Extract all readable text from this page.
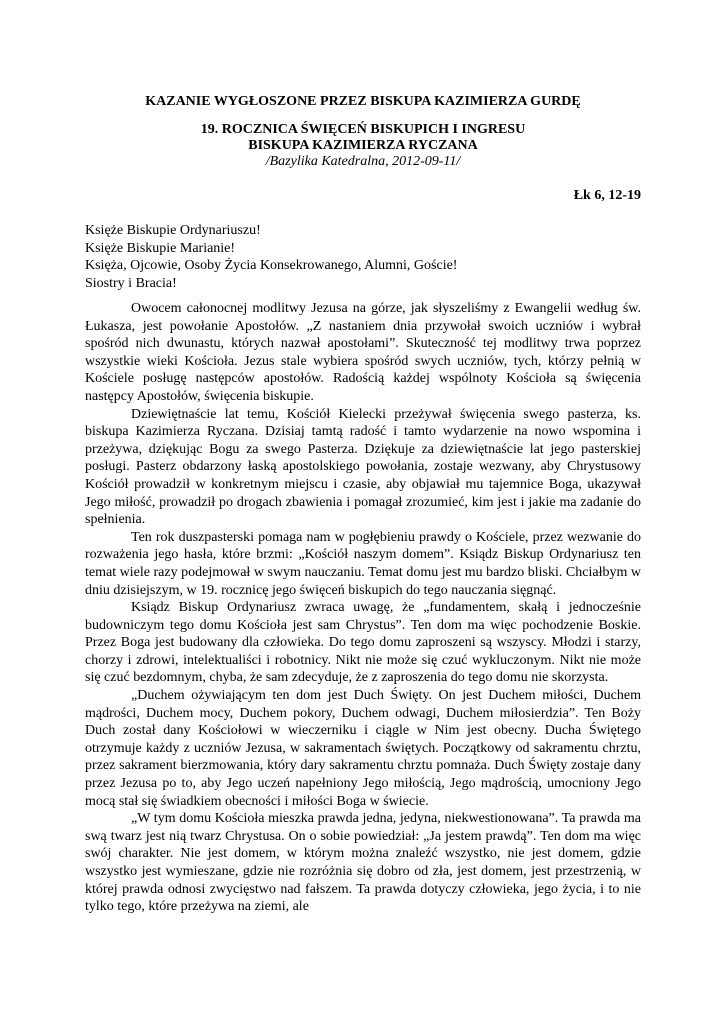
KAZANIE WYGŁOSZONE PRZEZ BISKUPA KAZIMIERZA GURDĘ
19. ROCZNICA ŚWIĘCEŃ BISKUPICH I INGRESU
BISKUPA KAZIMIERZA RYCZANA
/Bazylika Katedralna, 2012-09-11/
Łk 6, 12-19
Księże Biskupie Ordynariuszu!
Księże Biskupie Marianie!
Księża, Ojcowie, Osoby Życia Konsekrowanego, Alumni, Goście!
Siostry i Bracia!

Owocem całonocnej modlitwy Jezusa na górze, jak słyszeliśmy z Ewangelii według św. Łukasza, jest powołanie Apostołów. „Z nastaniem dnia przywołał swoich uczniów i wybrał spośród nich dwunastu, których nazwał apostołami”. Skuteczność tej modlitwy trwa poprzez wszystkie wieki Kościoła. Jezus stale wybiera spośród swych uczniów, tych, którzy pełnią w Kościele posługę następców apostołów. Radością każdej wspólnoty Kościoła są święcenia następcy Apostołów, święcenia biskupie.

Dziewiętnaście lat temu, Kościół Kielecki przeżywał święcenia swego pasterza, ks. biskupa Kazimierza Ryczana. Dzisiaj tamtą radość i tamto wydarzenie na nowo wspomina i przeżywa, dziękując Bogu za swego Pasterza. Dziękuje za dziewiętnaście lat jego pasterskiej posługi. Pasterz obdarzony łaską apostolskiego powołania, zostaje wezwany, aby Chrystusowy Kościół prowadził w konkretnym miejscu i czasie, aby objawiał mu tajemnice Boga, ukazywał Jego miłość, prowadził po drogach zbawienia i pomagał zrozumieć, kim jest i jakie ma zadanie do spełnienia.

Ten rok duszpasterski pomaga nam w pogłębieniu prawdy o Kościele, przez wezwanie do rozważenia jego hasła, które brzmi: „Kościół naszym domem”. Ksiądz Biskup Ordynariusz ten temat wiele razy podejmował w swym nauczaniu. Temat domu jest mu bardzo bliski. Chciałbym w dniu dzisiejszym, w 19. rocznicę jego święceń biskupich do tego nauczania sięgnąć.

Ksiądz Biskup Ordynariusz zwraca uwagę, że „fundamentem, skałą i jednocześnie budowniczym tego domu Kościoła jest sam Chrystus”. Ten dom ma więc pochodzenie Boskie. Przez Boga jest budowany dla człowieka. Do tego domu zaproszeni są wszyscy. Młodzi i starzy, chorzy i zdrowi, intelektualiści i robotnicy. Nikt nie może się czuć wykluczonym. Nikt nie może się czuć bezdomnym, chyba, że sam zdecyduje, że z zaproszenia do tego domu nie skorzysta.

„Duchem ożywiającym ten dom jest Duch Święty. On jest Duchem miłości, Duchem mądrości, Duchem mocy, Duchem pokory, Duchem odwagi, Duchem miłosierdzia”. Ten Boży Duch został dany Kościołowi w wieczerniku i ciągle w Nim jest obecny. Ducha Świętego otrzymuje każdy z uczniów Jezusa, w sakramentach świętych. Początkowy od sakramentu chrztu, przez sakrament bierzmowania, który dary sakramentu chrztu pomnaża. Duch Święty zostaje dany przez Jezusa po to, aby Jego uczeń napełniony Jego miłością, Jego mądrością, umocniony Jego mocą stał się świadkiem obecności i miłości Boga w świecie.

„W tym domu Kościoła mieszka prawda jedna, jedyna, niekwestionowana”. Ta prawda ma swą twarz jest nią twarz Chrystusa. On o sobie powiedział: „Ja jestem prawdą”. Ten dom ma więc swój charakter. Nie jest domem, w którym można znaleźć wszystko, nie jest domem, gdzie wszystko jest wymieszane, gdzie nie rozróżnia się dobro od zła, jest domem, jest przestrzenią, w której prawda odnosi zwycięstwo nad fałszem. Ta prawda dotyczy człowieka, jego życia, i to nie tylko tego, które przeżywa na ziemi, ale
